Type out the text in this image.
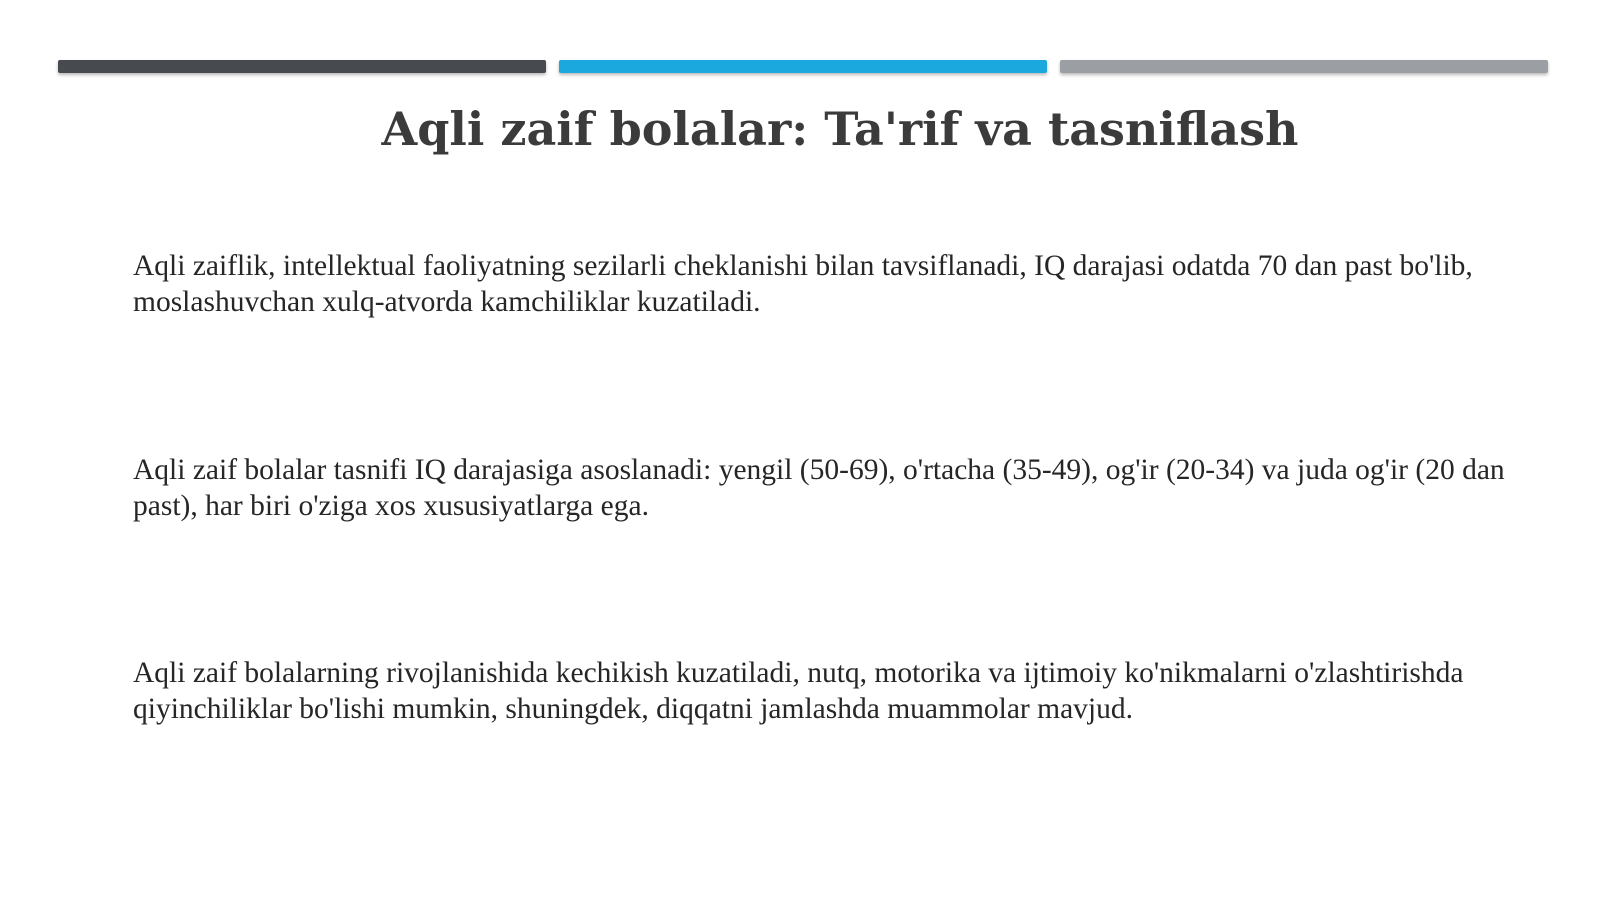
Aqli zaif bolalar: Ta'rif va tasniflash

Aqli zaiflik, intellektual faoliyatning sezilarli cheklanishi bilan tavsiflanadi, IQ darajasi odatda 70 dan past bo'lib, moslashuvchan xulq-atvorda kamchiliklar kuzatiladi.

Aqli zaif bolalar tasnifi IQ darajasiga asoslanadi: yengil (50-69), o'rtacha (35-49), og'ir (20-34) va juda og'ir (20 dan past), har biri o'ziga xos xususiyatlarga ega.

Aqli zaif bolalarning rivojlanishida kechikish kuzatiladi, nutq, motorika va ijtimoiy ko'nikmalarni o'zlashtirishda qiyinchiliklar bo'lishi mumkin, shuningdek, diqqatni jamlashda muammolar mavjud.
